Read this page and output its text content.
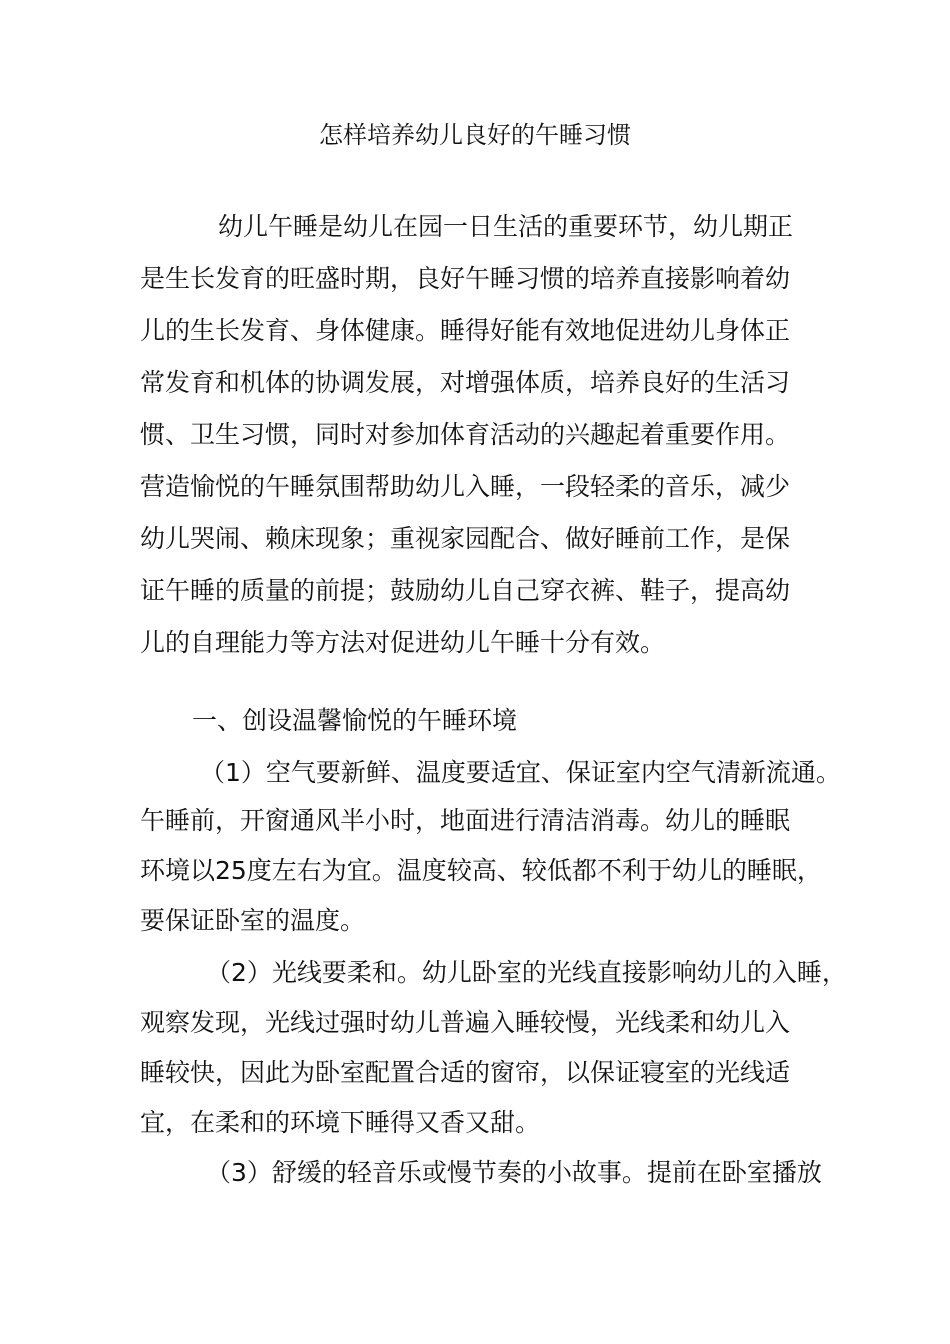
怎样培养幼儿良好的午睡习惯
幼儿午睡是幼儿在园一日生活的重要环节，幼儿期正
是生长发育的旺盛时期，良好午睡习惯的培养直接影响着幼
儿的生长发育、身体健康。睡得好能有效地促进幼儿身体正
常发育和机体的协调发展，对增强体质，培养良好的生活习
惯、卫生习惯，同时对参加体育活动的兴趣起着重要作用。
营造愉悦的午睡氛围帮助幼儿入睡，一段轻柔的音乐，减少
幼儿哭闹、赖床现象；重视家园配合、做好睡前工作，是保
证午睡的质量的前提；鼓励幼儿自己穿衣裤、鞋子，提高幼
儿的自理能力等方法对促进幼儿午睡十分有效。
一、创设温馨愉悦的午睡环境
（1）空气要新鲜、温度要适宜、保证室内空气清新流通。
午睡前，开窗通风半小时，地面进行清洁消毒。幼儿的睡眠
环境以25度左右为宜。温度较高、较低都不利于幼儿的睡眠，
要保证卧室的温度。
（2）光线要柔和。幼儿卧室的光线直接影响幼儿的入睡，
观察发现，光线过强时幼儿普遍入睡较慢，光线柔和幼儿入
睡较快，因此为卧室配置合适的窗帘，以保证寝室的光线适
宜，在柔和的环境下睡得又香又甜。
（3）舒缓的轻音乐或慢节奏的小故事。提前在卧室播放
